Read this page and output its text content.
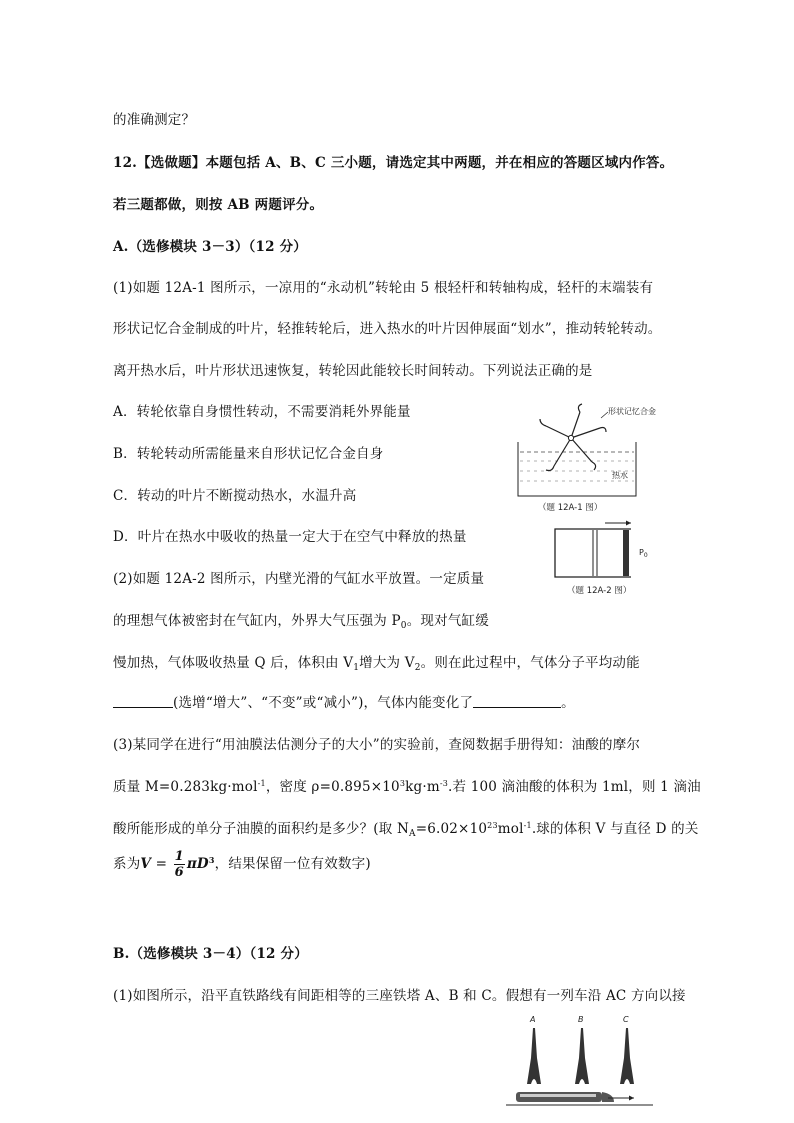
的准确测定？
12.【选做题】本题包括 A、B、C 三小题，请选定其中两题，并在相应的答题区域内作答。
若三题都做，则按 AB 两题评分。
A.（选修模块 3－3）（12 分）
(1)如题 12A-1 图所示，一凉用的“永动机”转轮由 5 根轻杆和转轴构成，轻杆的末端装有
形状记忆合金制成的叶片，轻推转轮后，进入热水的叶片因伸展面“划水”，推动转轮转动。
离开热水后，叶片形状迅速恢复，转轮因此能较长时间转动。下列说法正确的是
A．转轮依靠自身惯性转动，不需要消耗外界能量
B．转轮转动所需能量来自形状记忆合金自身
C．转动的叶片不断搅动热水，水温升高
D．叶片在热水中吸收的热量一定大于在空气中释放的热量
(2)如题 12A-2 图所示，内壁光滑的气缸水平放置。一定质量
的理想气体被密封在气缸内，外界大气压强为 $P_0$。现对气缸缓
慢加热，气体吸收热量 Q 后，体积由 $V_1$增大为 $V_2$。则在此过程中，气体分子平均动能
(选增“增大”、“不变”或“减小”)，气体内能变化了	。
(3)某同学在进行“用油膜法估测分子的大小”的实验前，查阅数据手册得知：油酸的摩尔
质量 M=0.283kg·mol$^{-1}$，密度 $\rho=0.895\times 10^3kg\cdot m^{-3}$.若 100 滴油酸的体积为 1ml，则 1 滴油
酸所能形成的单分子油膜的面积约是多少？(取 $N_A=6.02\times 10^{23}mol^{-1}$.球的体积 V 与直径 D 的关
系为$V = \frac{1}{6} \pi D^3$，结果保留一位有效数字)
B.（选修模块 3－4）（12 分）
(1)如图所示，沿平直铁路线有间距相等的三座铁塔 A、B 和 C。假想有一列车沿 AC 方向以接
形状记忆合金
热水
（题 12A-1 图）
$P_0$
（题 12A-2 图）
A	B	C
